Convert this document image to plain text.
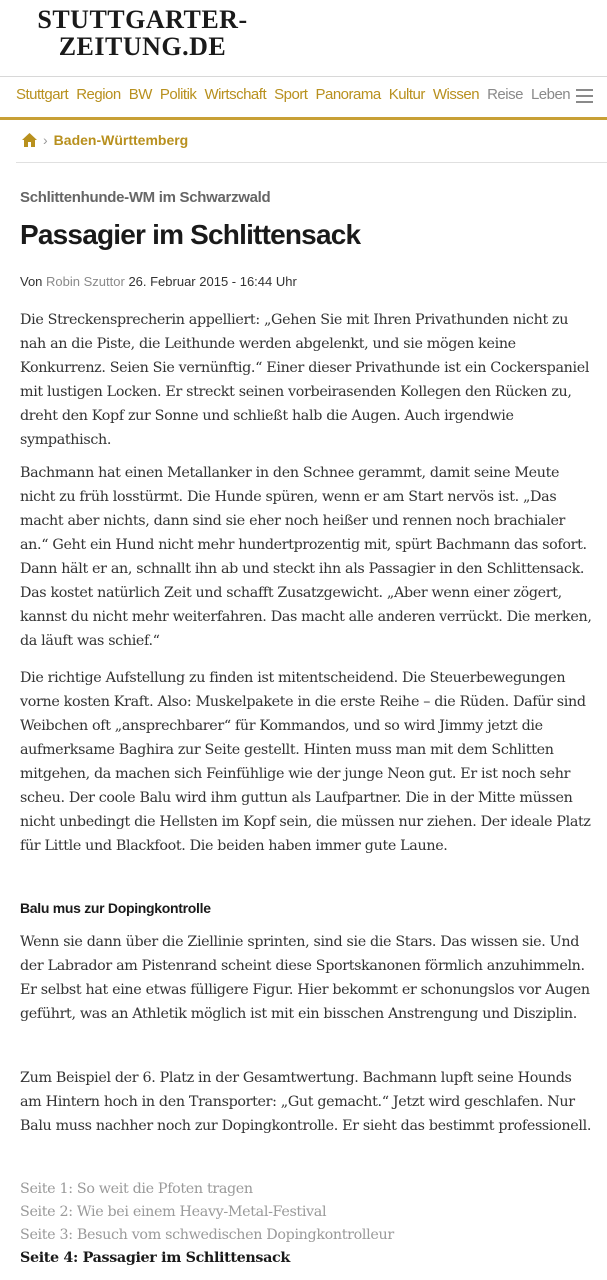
STUTTGARTER-
ZEITUNG.DE
Stuttgart Region BW Politik Wirtschaft Sport Panorama Kultur Wissen Reise Leben
› Baden-Württemberg
Schlittenhunde-WM im Schwarzwald
Passagier im Schlittensack
Von Robin Szuttor 26. Februar 2015 - 16:44 Uhr

Die Streckensprecherin appelliert: „Gehen Sie mit Ihren Privathunden nicht zu nah an die Piste, die Leithunde werden abgelenkt, und sie mögen keine Konkurrenz. Seien Sie vernünftig.“ Einer dieser Privathunde ist ein Cockerspaniel mit lustigen Locken. Er streckt seinen vorbeirasenden Kollegen den Rücken zu, dreht den Kopf zur Sonne und schließt halb die Augen. Auch irgendwie sympathisch.

Bachmann hat einen Metallanker in den Schnee gerammt, damit seine Meute nicht zu früh losstürmt. Die Hunde spüren, wenn er am Start nervös ist. „Das macht aber nichts, dann sind sie eher noch heißer und rennen noch brachialer an.“ Geht ein Hund nicht mehr hundertprozentig mit, spürt Bachmann das sofort. Dann hält er an, schnallt ihn ab und steckt ihn als Passagier in den Schlittensack. Das kostet natürlich Zeit und schafft Zusatzgewicht. „Aber wenn einer zögert, kannst du nicht mehr weiterfahren. Das macht alle anderen verrückt. Die merken, da läuft was schief.“

Die richtige Aufstellung zu finden ist mitentscheidend. Die Steuerbewegungen vorne kosten Kraft. Also: Muskelpakete in die erste Reihe – die Rüden. Dafür sind Weibchen oft „ansprechbarer“ für Kommandos, und so wird Jimmy jetzt die aufmerksame Baghira zur Seite gestellt. Hinten muss man mit dem Schlitten mitgehen, da machen sich Feinfühlige wie der junge Neon gut. Er ist noch sehr scheu. Der coole Balu wird ihm guttun als Laufpartner. Die in der Mitte müssen nicht unbedingt die Hellsten im Kopf sein, die müssen nur ziehen. Der ideale Platz für Little und Blackfoot. Die beiden haben immer gute Laune.

Balu mus zur Dopingkontrolle

Wenn sie dann über die Ziellinie sprinten, sind sie die Stars. Das wissen sie. Und der Labrador am Pistenrand scheint diese Sportskanonen förmlich anzuhimmeln. Er selbst hat eine etwas fülligere Figur. Hier bekommt er schonungslos vor Augen geführt, was an Athletik möglich ist mit ein bisschen Anstrengung und Disziplin.

Zum Beispiel der 6. Platz in der Gesamtwertung. Bachmann lupft seine Hounds am Hintern hoch in den Transporter: „Gut gemacht.“ Jetzt wird geschlafen. Nur Balu muss nachher noch zur Dopingkontrolle. Er sieht das bestimmt professionell.

Seite 1: So weit die Pfoten tragen
Seite 2: Wie bei einem Heavy-Metal-Festival
Seite 3: Besuch vom schwedischen Dopingkontrolleur
Seite 4: Passagier im Schlittensack
